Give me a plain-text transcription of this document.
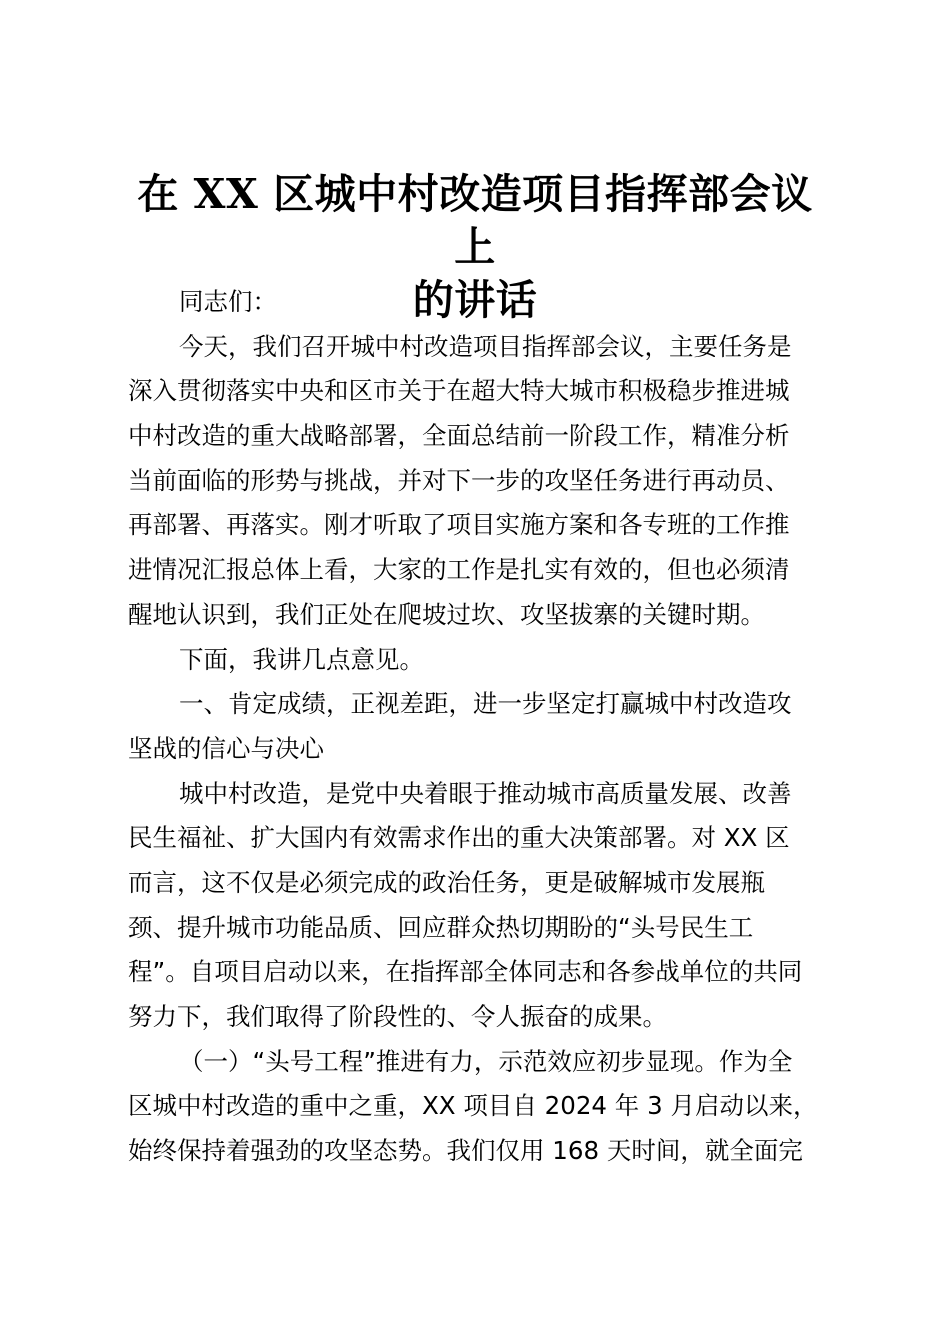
在 XX 区城中村改造项目指挥部会议上
的讲话
同志们：
今天，我们召开城中村改造项目指挥部会议，主要任务是
深入贯彻落实中央和区市关于在超大特大城市积极稳步推进城
中村改造的重大战略部署，全面总结前一阶段工作，精准分析
当前面临的形势与挑战，并对下一步的攻坚任务进行再动员、
再部署、再落实。刚才听取了项目实施方案和各专班的工作推
进情况汇报总体上看，大家的工作是扎实有效的，但也必须清
醒地认识到，我们正处在爬坡过坎、攻坚拔寨的关键时期。
下面，我讲几点意见。
一、肯定成绩，正视差距，进一步坚定打赢城中村改造攻
坚战的信心与决心
城中村改造，是党中央着眼于推动城市高质量发展、改善
民生福祉、扩大国内有效需求作出的重大决策部署。对 XX 区
而言，这不仅是必须完成的政治任务，更是破解城市发展瓶
颈、提升城市功能品质、回应群众热切期盼的“头号民生工
程”。自项目启动以来，在指挥部全体同志和各参战单位的共同
努力下，我们取得了阶段性的、令人振奋的成果。
（一）“头号工程”推进有力，示范效应初步显现。作为全
区城中村改造的重中之重，XX 项目自 2024 年 3 月启动以来，
始终保持着强劲的攻坚态势。我们仅用 168 天时间，就全面完
